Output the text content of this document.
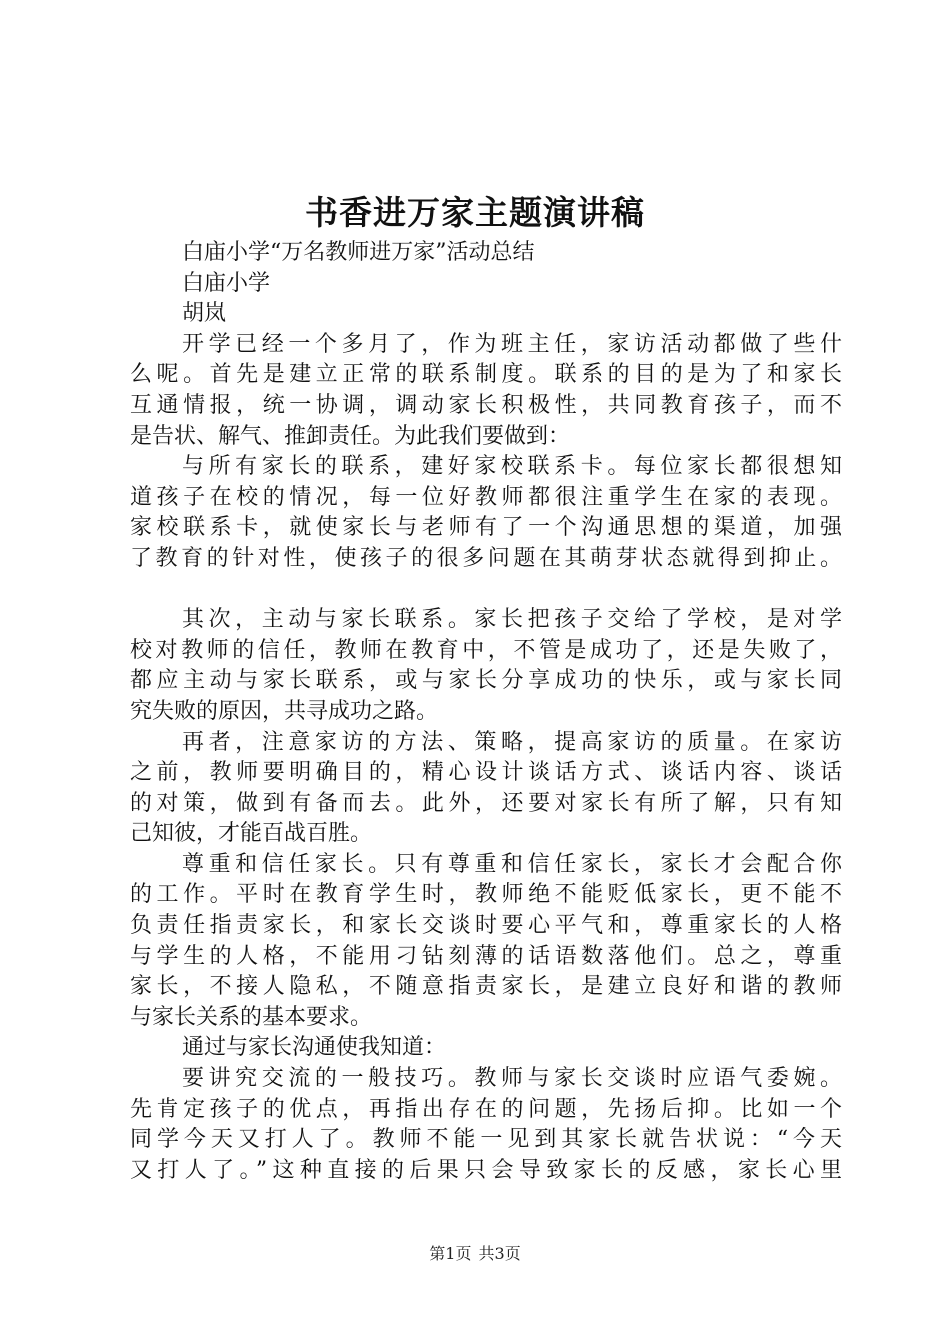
书香进万家主题演讲稿
白庙小学“万名教师进万家”活动总结
白庙小学
胡岚
开学已经一个多月了，作为班主任，家访活动都做了些什
么呢。首先是建立正常的联系制度。联系的目的是为了和家长
互通情报，统一协调，调动家长积极性，共同教育孩子，而不
是告状、解气、推卸责任。为此我们要做到：
与所有家长的联系，建好家校联系卡。每位家长都很想知
道孩子在校的情况，每一位好教师都很注重学生在家的表现。
家校联系卡，就使家长与老师有了一个沟通思想的渠道，加强
了教育的针对性，使孩子的很多问题在其萌芽状态就得到抑止。
其次，主动与家长联系。家长把孩子交给了学校，是对学
校对教师的信任，教师在教育中，不管是成功了，还是失败了，
都应主动与家长联系，或与家长分享成功的快乐，或与家长同
究失败的原因，共寻成功之路。
再者，注意家访的方法、策略，提高家访的质量。在家访
之前，教师要明确目的，精心设计谈话方式、谈话内容、谈话
的对策，做到有备而去。此外，还要对家长有所了解，只有知
己知彼，才能百战百胜。
尊重和信任家长。只有尊重和信任家长，家长才会配合你
的工作。平时在教育学生时，教师绝不能贬低家长，更不能不
负责任指责家长，和家长交谈时要心平气和，尊重家长的人格
与学生的人格，不能用刁钻刻薄的话语数落他们。总之，尊重
家长，不接人隐私，不随意指责家长，是建立良好和谐的教师
与家长关系的基本要求。
通过与家长沟通使我知道：
要讲究交流的一般技巧。教师与家长交谈时应语气委婉。
先肯定孩子的优点，再指出存在的问题，先扬后抑。比如一个
同学今天又打人了。教师不能一见到其家长就告状说：“今天
又打人了。”这种直接的后果只会导致家长的反感，家长心里
第1页 共3页
